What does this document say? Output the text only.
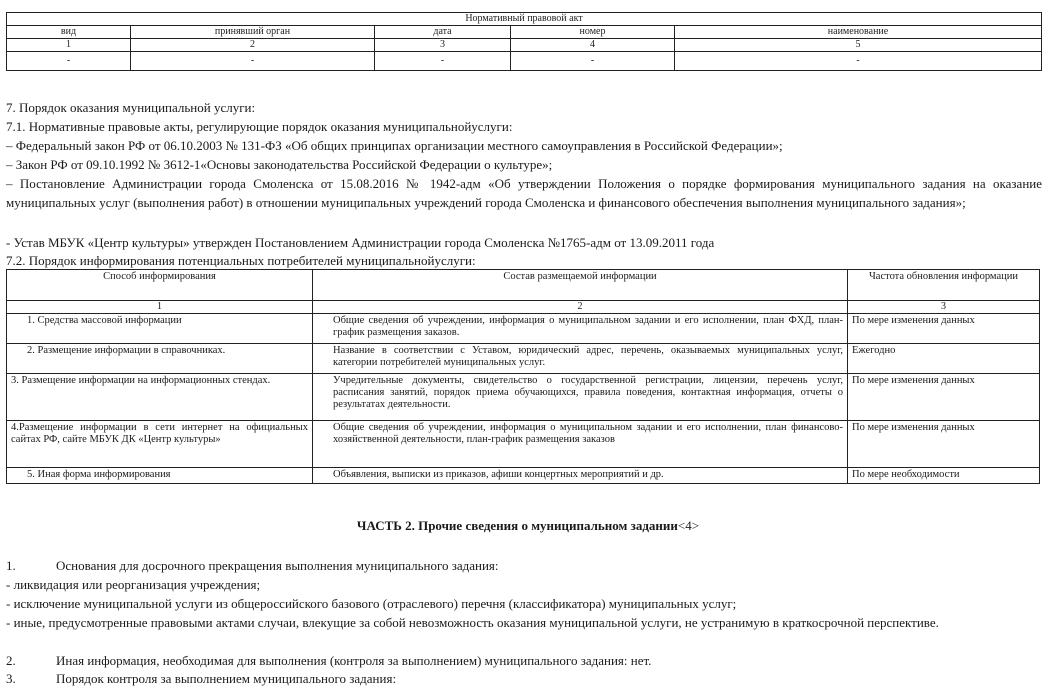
Нормативный правовой акт				
вид	принявший орган	дата	номер	наименование
1	2	3	4	5
-	-	-	-	-

7. Порядок оказания муниципальной услуги:

7.1. Нормативные правовые акты, регулирующие порядок оказания муниципальнойуслуги:

– Федеральный закон РФ от 06.10.2003 № 131-ФЗ «Об общих принципах организации местного самоуправления в Российской Федерации»;

– Закон РФ от 09.10.1992 № 3612-1«Основы законодательства Российской Федерации о культуре»;

– Постановление Администрации города Смоленска от 15.08.2016 № 1942-адм «Об утверждении Положения о порядке формирования муниципального задания на оказание муниципальных услуг (выполнения работ) в отношении муниципальных учреждений города Смоленска и финансового обеспечения выполнения муниципального задания»;

- Устав МБУК «Центр культуры» утвержден Постановлением Администрации города Смоленска №1765-адм от 13.09.2011 года

7.2. Порядок информирования потенциальных потребителей муниципальнойуслуги:

Способ информирования	Состав размещаемой информации	Частота обновления информации
1	2	3
1. Средства массовой информации	Общие сведения об учреждении, информация о муниципальном задании и его исполнении, план ФХД, план-график размещения заказов.	По мере изменения данных
2. Размещение информации в справочниках.	Название в соответствии с Уставом, юридический адрес, перечень, оказываемых муниципальных услуг, категории потребителей муниципальных услуг.	Ежегодно
3. Размещение информации на информационных стендах.	Учредительные документы, свидетельство о государственной регистрации, лицензии, перечень услуг, расписания занятий, порядок приема обучающихся, правила поведения, контактная информация, отчеты о результатах деятельности.	По мере изменения данных
4.Размещение информации в сети интернет на официальных сайтах РФ, сайте МБУК ДК «Центр культуры»	Общие сведения об учреждении, информация о муниципальном задании и его исполнении, план финансово-хозяйственной деятельности, план-график размещения заказов	По мере изменения данных
5. Иная форма информирования	Объявления, выписки из приказов, афиши концертных мероприятий и др.	По мере необходимости
ЧАСТЬ 2. Прочие сведения о муниципальном задании<4>

1.	Основания для досрочного прекращения выполнения муниципального задания:

- ликвидация или реорганизация учреждения;

- исключение муниципальной услуги из общероссийского базового (отраслевого) перечня (классификатора) муниципальных услуг;

- иные, предусмотренные правовыми актами случаи, влекущие за собой невозможность оказания муниципальной услуги, не устранимую в краткосрочной перспективе.

2.	Иная информация, необходимая для выполнения (контроля за выполнением) муниципального задания: нет.

3.	Порядок контроля за выполнением муниципального задания:
